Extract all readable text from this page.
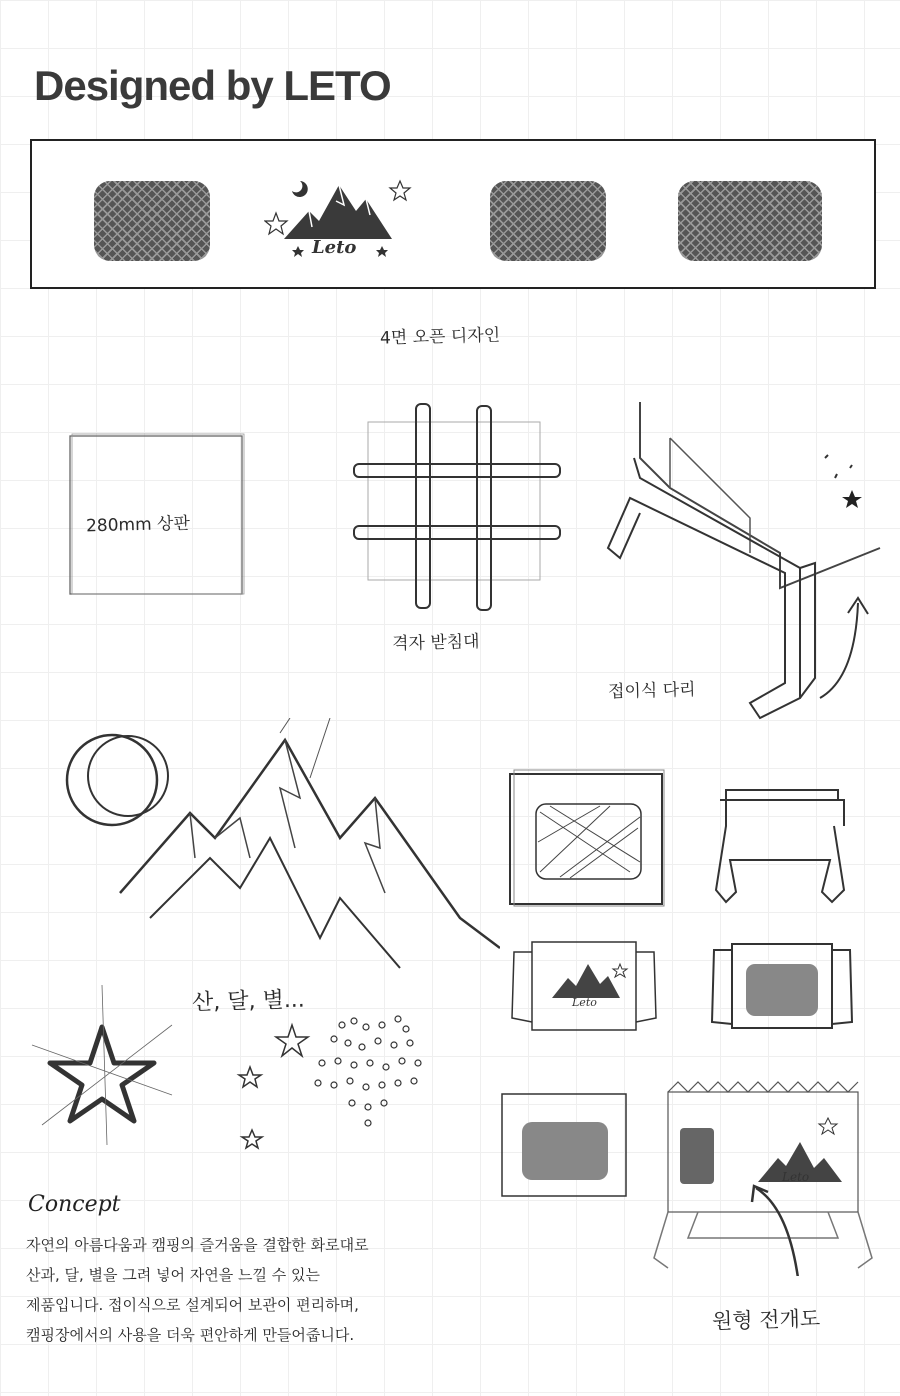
Designed by LETO
Leto
4면 오픈 디자인
280mm 상판
격자 받침대
접이식 다리
산, 달, 별...	Leto
Leto
원형 전개도
Concept
자연의 아름다움과 캠핑의 즐거움을 결합한 화로대로
산과, 달, 별을 그려 넣어 자연을 느낄 수 있는
제품입니다. 접이식으로 설계되어 보관이 편리하며,
캠핑장에서의 사용을 더욱 편안하게 만들어줍니다.
